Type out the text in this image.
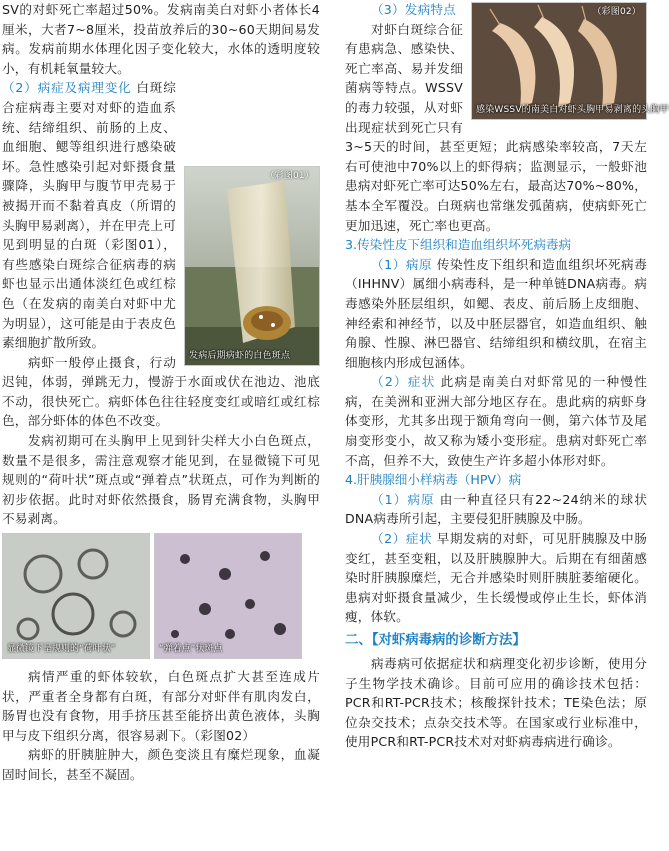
SV的对虾死亡率超过50%。发病南美白对虾小者体长4厘米，大者7~8厘米，投苗放养后的30~60天期间易发病。发病前期水体理化因子变化较大，水体的透明度较小，有机耗氧量较大。

（彩图01）
发病后期病虾的白色斑点
（2）病症及病理变化 白斑综合症病毒主要对对虾的造血系统、结缔组织、前肠的上皮、血细胞、鳃等组织进行感染破坏。急性感染引起对虾摄食量骤降，头胸甲与腹节甲壳易于被揭开而不黏着真皮（所谓的头胸甲易剥离），并在甲壳上可见到明显的白斑（彩图01），有些感染白斑综合征病毒的病虾也显示出通体淡红色或红棕色（在发病的南美白对虾中尤为明显），这可能是由于表皮色素细胞扩散所致。

病虾一般停止摄食，行动迟钝，体弱，弹跳无力，慢游于水面或伏在池边、池底不动，很快死亡。病虾体色往往轻度变红或暗红或红棕色，部分虾体的体色不改变。

发病初期可在头胸甲上见到针尖样大小白色斑点，数量不是很多，需注意观察才能见到，在显微镜下可见规则的“荷叶状”斑点或“弹着点”状斑点，可作为判断的初步依据。此时对虾依然摄食，肠胃充满食物，头胸甲不易剥离。

显微镜下呈规则的“荷叶状”	“弹着点”状斑点

病情严重的虾体较软，白色斑点扩大甚至连成片状，严重者全身都有白斑，有部分对虾伴有肌肉发白，肠胃也没有食物，用手挤压甚至能挤出黄色液体，头胸甲与皮下组织分离，很容易剥下。（彩图02）

病虾的肝胰脏肿大，颜色变淡且有糜烂现象，血凝固时间长，甚至不凝固。

（彩图02）
感染WSSV的南美白对虾头胸甲易剥离的头胸甲
（3）发病特点
对虾白斑综合征有患病急、感染快、死亡率高、易并发细菌病等特点。WSSV的毒力较强，从对虾出现症状到死亡只有3~5天的时间，甚至更短；此病感染率较高，7天左右可使池中70%以上的虾得病；监测显示，一般虾池患病对虾死亡率可达50%左右，最高达70%~80%，基本全军覆没。白斑病也常继发弧菌病，使病虾死亡更加迅速，死亡率也更高。

3.传染性皮下组织和造血组织坏死病毒病

（1）病原 传染性皮下组织和造血组织坏死病毒（IHHNV）属细小病毒科，是一种单链DNA病毒。病毒感染外胚层组织，如鳃、表皮、前后肠上皮细胞、神经索和神经节，以及中胚层器官，如造血组织、触角腺、性腺、淋巴器官、结缔组织和横纹肌，在宿主细胞核内形成包涵体。

（2）症状 此病是南美白对虾常见的一种慢性病，在美洲和亚洲大部分地区存在。患此病的病虾身体变形，尤其多出现于额角弯向一侧，第六体节及尾扇变形变小，故又称为矮小变形症。患病对虾死亡率不高，但养不大，致使生产许多超小体形对虾。

4.肝胰腺细小样病毒（HPV）病

（1）病原 由一种直径只有22~24纳米的球状DNA病毒所引起，主要侵犯肝胰腺及中肠。

（2）症状 早期发病的对虾，可见肝胰腺及中肠变红，甚至变粗，以及肝胰腺肿大。后期在有细菌感染时肝胰腺糜烂，无合并感染时则肝胰脏萎缩硬化。患病对虾摄食量减少，生长缓慢或停止生长，虾体消瘦，体软。

二、【对虾病毒病的诊断方法】

病毒病可依据症状和病理变化初步诊断，使用分子生物学技术确诊。目前可应用的确诊技术包括：PCR和RT-PCR技术；核酸探针技术；TE染色法；原位杂交技术；点杂交技术等。在国家或行业标准中，使用PCR和RT-PCR技术对对虾病毒病进行确诊。
